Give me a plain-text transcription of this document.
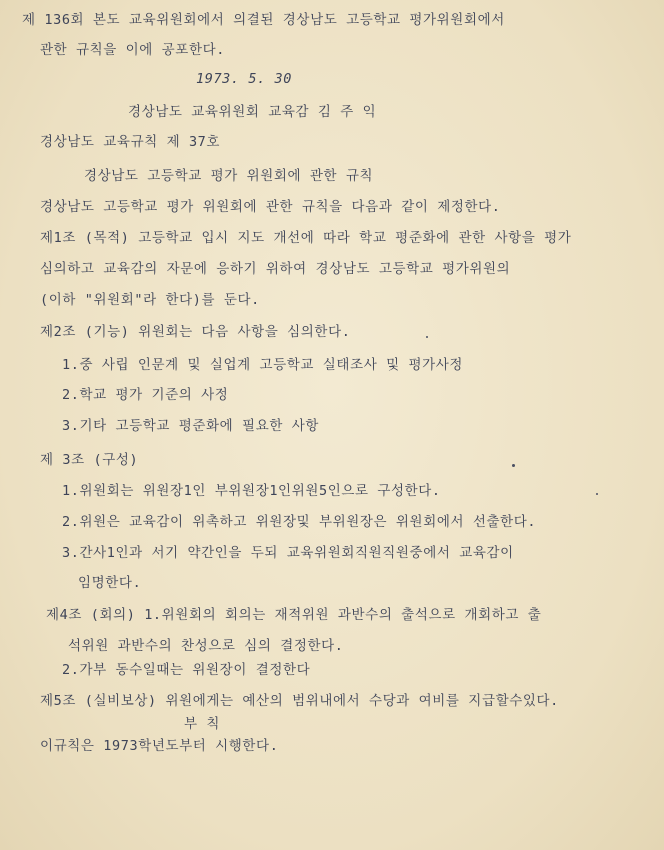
제 136회 본도 교육위원회에서 의결된 경상남도 고등학교 평가위원회에서
관한 규칙을 이에 공포한다.
1973. 5. 30
경상남도 교육위원회 교육감 김 주 익
경상남도 교육규칙 제 37호
경상남도 고등학교 평가 위원회에 관한 규칙
경상남도 고등학교 평가 위원회에 관한 규칙을 다음과 같이 제정한다.
제1조 (목적) 고등학교 입시 지도 개선에 따라 학교 평준화에 관한 사항을 평가
심의하고 교육감의 자문에 응하기 위하여 경상남도 고등학교 평가위원의
(이하 "위원회"라 한다)를 둔다.
제2조 (기능) 위원회는 다음 사항을 심의한다.
1.중 사립 인문계 및 실업계 고등학교 실태조사 및 평가사정
2.학교 평가 기준의 사정
3.기타 고등학교 평준화에 필요한 사항
제 3조 (구성)
1.위원회는 위원장1인 부위원장1인위원5인으로 구성한다.
2.위원은 교육감이 위촉하고 위원장및 부위원장은 위원회에서 선출한다.
3.간사1인과 서기 약간인을 두되 교육위원회직원직원중에서 교육감이
임명한다.
제4조 (회의) 1.위원회의 회의는 재적위원 과반수의 출석으로 개회하고 출
석위원 과반수의 찬성으로 심의 결정한다.
2.가부 동수일때는 위원장이 결정한다
제5조 (실비보상) 위원에게는 예산의 범위내에서 수당과 여비를 지급할수있다.
부 칙
이규칙은 1973학년도부터 시행한다.
